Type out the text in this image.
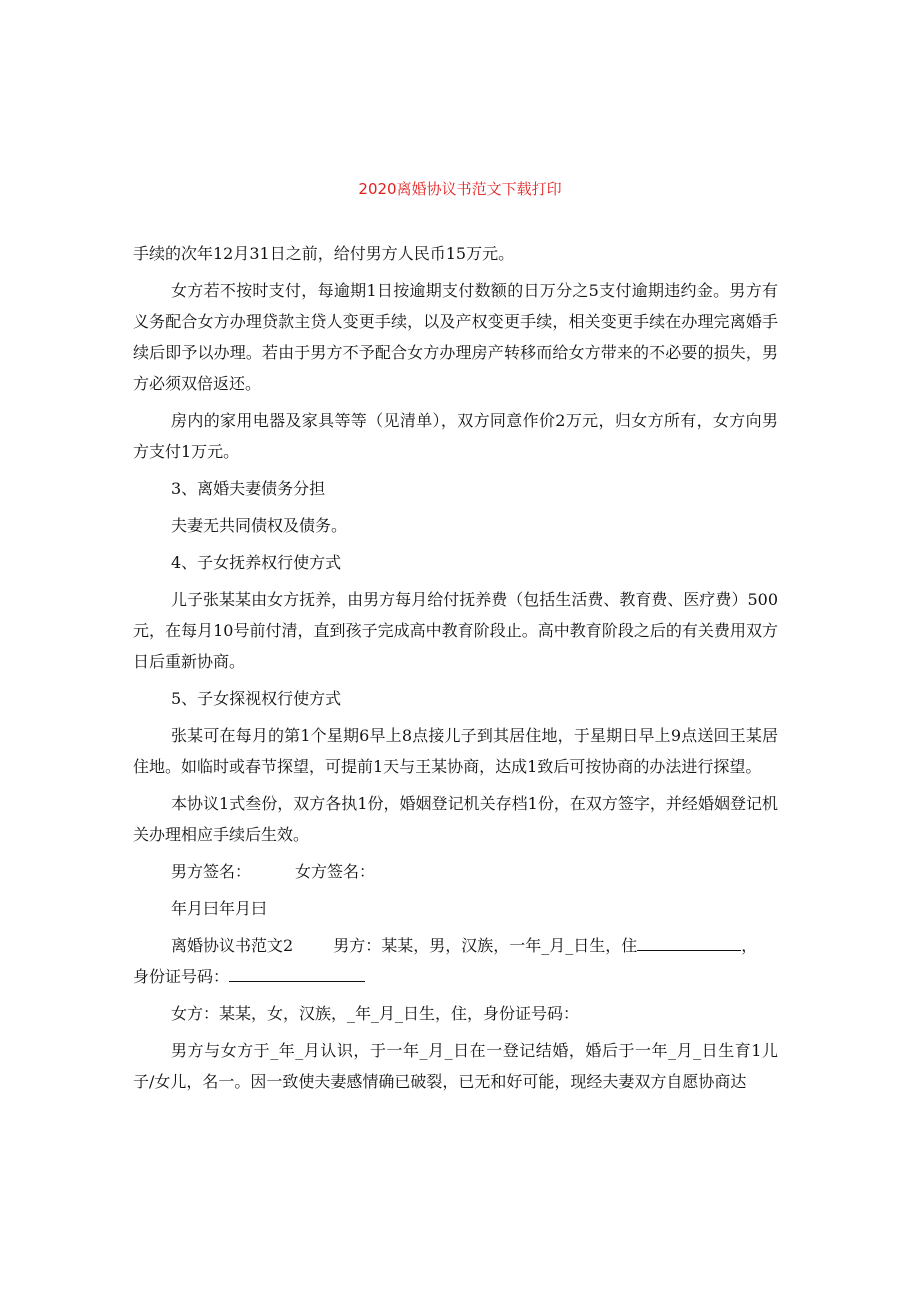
2020离婚协议书范文下载打印

手续的次年12月31日之前，给付男方人民币15万元。

女方若不按时支付，每逾期1日按逾期支付数额的日万分之5支付逾期违约金。男方有义务配合女方办理贷款主贷人变更手续，以及产权变更手续，相关变更手续在办理完离婚手续后即予以办理。若由于男方不予配合女方办理房产转移而给女方带来的不必要的损失，男方必须双倍返还。

房内的家用电器及家具等等（见清单），双方同意作价2万元，归女方所有，女方向男方支付1万元。

3、离婚夫妻债务分担

夫妻无共同债权及债务。

4、子女抚养权行使方式

儿子张某某由女方抚养，由男方每月给付抚养费（包括生活费、教育费、医疗费）500元，在每月10号前付清，直到孩子完成高中教育阶段止。高中教育阶段之后的有关费用双方日后重新协商。

5、子女探视权行使方式

张某可在每月的第1个星期6早上8点接儿子到其居住地，于星期日早上9点送回王某居住地。如临时或春节探望，可提前1天与王某协商，达成1致后可按协商的办法进行探望。

本协议1式叁份，双方各执1份，婚姻登记机关存档1份，在双方签字，并经婚姻登记机关办理相应手续后生效。

男方签名：	女方签名：

年月曰年月曰

离婚协议书范文2	男方：某某，男，汉族，一年_月_日生，住	，

身份证号码：

女方：某某，女，汉族，_年_月_日生，住，身份证号码：

男方与女方于_年_月认识，于一年_月_日在一登记结婚，婚后于一年_月_日生育1儿子/女儿，名一。因一致使夫妻感情确已破裂，已无和好可能，现经夫妻双方自愿协商达
